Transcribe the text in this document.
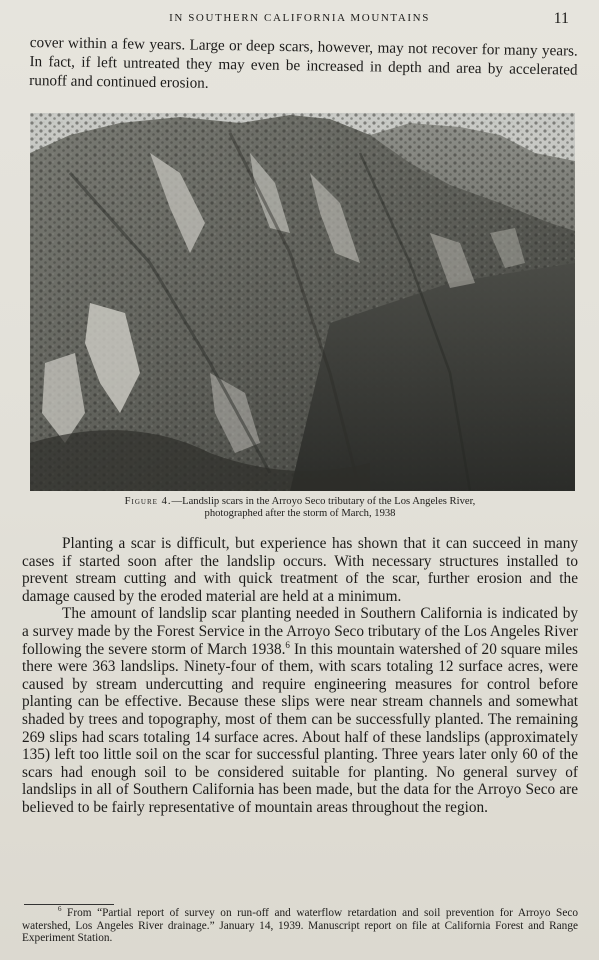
IN SOUTHERN CALIFORNIA MOUNTAINS	11

cover within a few years. Large or deep scars, however, may not recover for many years. In fact, if left untreated they may even be increased in depth and area by accelerated runoff and continued erosion.

Figure 4.—Landslip scars in the Arroyo Seco tributary of the Los Angeles River,
photographed after the storm of March, 1938

Planting a scar is difficult, but experience has shown that it can succeed in many cases if started soon after the landslip occurs. With necessary structures installed to prevent stream cutting and with quick treatment of the scar, further erosion and the damage caused by the eroded material are held at a minimum.

The amount of landslip scar planting needed in Southern California is indicated by a survey made by the Forest Service in the Arroyo Seco tributary of the Los Angeles River following the severe storm of March 1938.$^6$ In this mountain watershed of 20 square miles there were 363 landslips. Ninety-four of them, with scars totaling 12 surface acres, were caused by stream undercutting and require engineering measures for control before planting can be effective. Because these slips were near stream channels and somewhat shaded by trees and topography, most of them can be successfully planted. The remaining 269 slips had scars totaling 14 surface acres. About half of these landslips (approximately 135) left too little soil on the scar for successful planting. Three years later only 60 of the scars had enough soil to be considered suitable for planting. No general survey of landslips in all of Southern California has been made, but the data for the Arroyo Seco are believed to be fairly representative of mountain areas throughout the region.

$^6$ From “Partial report of survey on run-off and waterflow retardation and soil prevention for Arroyo Seco watershed, Los Angeles River drainage.” January 14, 1939. Manuscript report on file at California Forest and Range Experiment Station.
